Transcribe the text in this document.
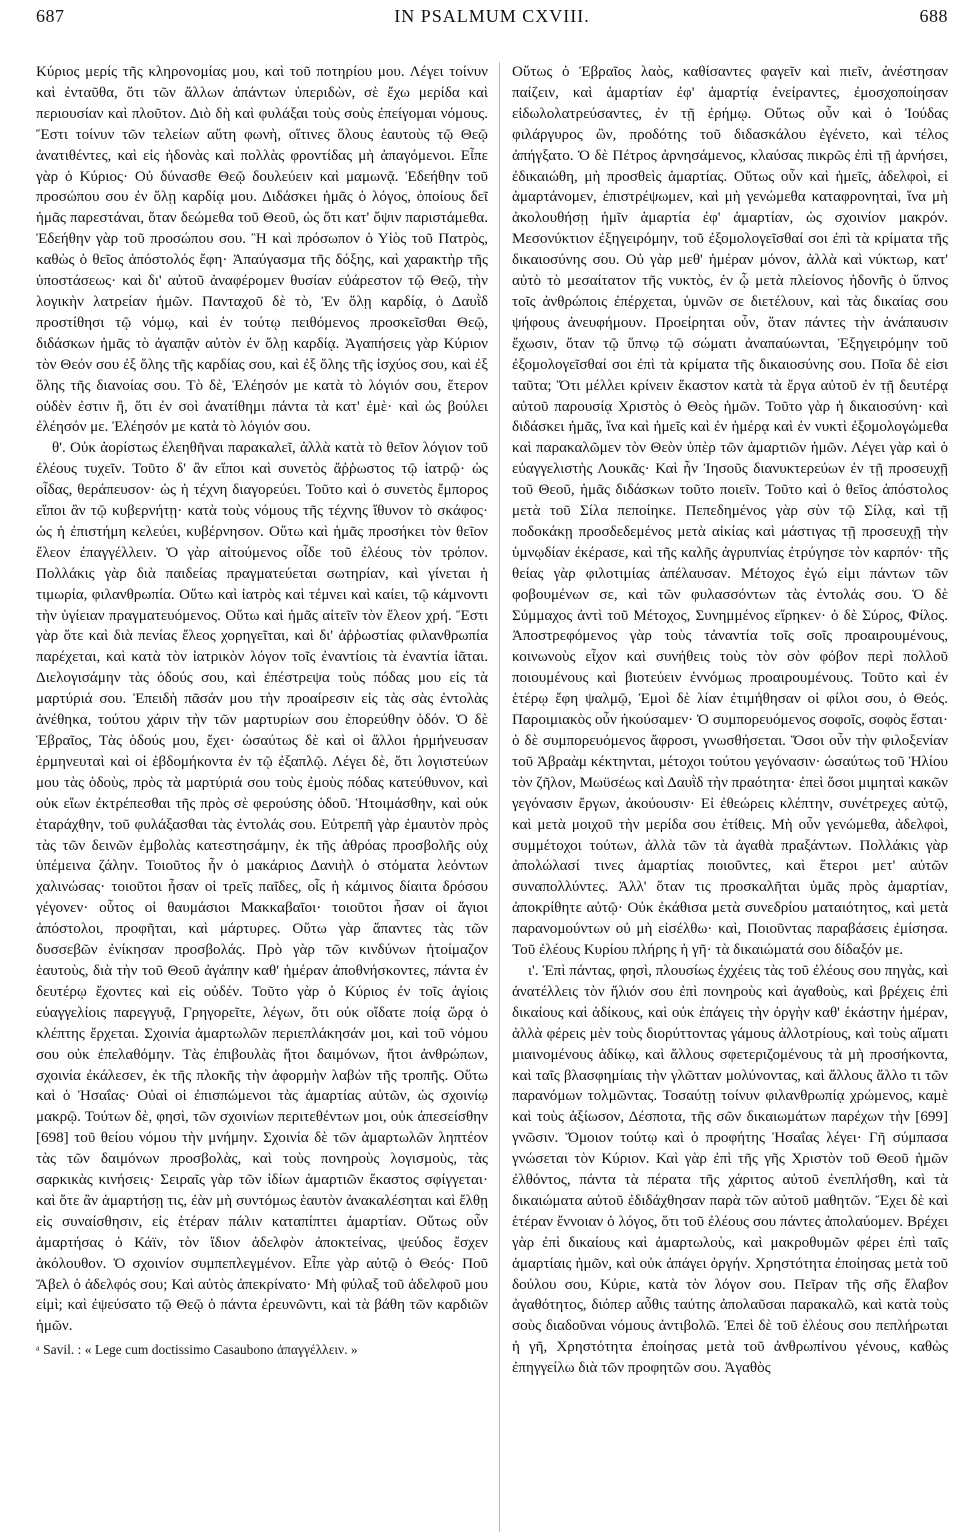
687	IN PSALMUM CXVIII.	688

Κύριος μερίς τῆς κληρονομίας μου, καὶ τοῦ ποτηρίου μου. Λέγει τοίνυν καὶ ἐνταῦθα, ὅτι τῶν ἄλλων ἁπάντων ὑπεριδὼν, σὲ ἔχω μερίδα καὶ περιουσίαν καὶ πλοῦτον. Διὸ δὴ καὶ φυλάξαι τοὺς σοὺς ἐπείγομαι νόμους. Ἔστι τοίνυν τῶν τελείων αὕτη φωνὴ, οἵτινες ὅλους ἑαυτοὺς τῷ Θεῷ ἀνατιθέντες, καὶ εἰς ἡδονὰς καὶ πολλὰς φροντίδας μὴ ἀπαγόμενοι. Εἶπε γὰρ ὁ Κύριος· Οὐ δύνασθε Θεῷ δουλεύειν καὶ μαμωνᾷ. Ἐδεήθην τοῦ προσώπου σου ἐν ὅλῃ καρδίᾳ μου. Διδάσκει ἡμᾶς ὁ λόγος, ὁποίους δεῖ ἡμᾶς παρεστάναι, ὅταν δεώμεθα τοῦ Θεοῦ, ὡς ὅτι κατ' ὄψιν παριστάμεθα. Ἐδεήθην γὰρ τοῦ προσώπου σου. Ἢ καὶ πρόσωπον ὁ Υἱὸς τοῦ Πατρὸς, καθὼς ὁ θεῖος ἀπόστολός ἔφη· Ἀπαύγασμα τῆς δόξης, καὶ χαρακτὴρ τῆς ὑποστάσεως· καὶ δι' αὐτοῦ ἀναφέρομεν θυσίαν εὐάρεστον τῷ Θεῷ, τὴν λογικὴν λατρείαν ἡμῶν. Πανταχοῦ δὲ τὸ, Ἐν ὅλῃ καρδίᾳ, ὁ Δαυῒδ προστίθησι τῷ νόμῳ, καὶ ἐν τούτῳ πειθόμενος προσκεῖσθαι Θεῷ, διδάσκων ἡμᾶς τὸ ἀγαπᾷν αὐτὸν ἐν ὅλῃ καρδίᾳ. Ἀγαπήσεις γὰρ Κύριον τὸν Θεόν σου ἐξ ὅλης τῆς καρδίας σου, καὶ ἐξ ὅλης τῆς ἰσχύος σου, καὶ ἐξ ὅλης τῆς διανοίας σου. Τὸ δὲ, Ἐλέησόν με κατὰ τὸ λόγιόν σου, ἕτερον οὐδὲν ἐστιν ἢ, ὅτι ἐν σοὶ ἀνατίθημι πάντα τὰ κατ' ἐμὲ· καὶ ὡς βούλει ἐλέησόν με. Ἐλέησόν με κατὰ τὸ λόγιόν σου.

θ'. Οὐκ ἀορίστως ἐλεηθῆναι παρακαλεῖ, ἀλλὰ κατὰ τὸ θεῖον λόγιον τοῦ ἐλέους τυχεῖν. Τοῦτο δ' ἂν εἴποι καὶ συνετὸς ἄῤῥωστος τῷ ἰατρῷ· ὡς οἶδας, θεράπευσον· ὡς ἡ τέχνη διαγορεύει. Τοῦτο καὶ ὁ συνετὸς ἔμπορος εἴποι ἂν τῷ κυβερνήτῃ· κατὰ τοὺς νόμους τῆς τέχνης ἴθυνον τὸ σκάφος· ὡς ἡ ἐπιστήμη κελεύει, κυβέρνησον. Οὕτω καὶ ἡμᾶς προσήκει τὸν θεῖον ἔλεον ἐπαγγέλλειν. Ὁ γὰρ αἰτούμενος οἶδε τοῦ ἐλέους τὸν τρόπον. Πολλάκις γὰρ διὰ παιδείας πραγματεύεται σωτηρίαν, καὶ γίνεται ἡ τιμωρία, φιλανθρωπία. Οὕτω καὶ ἰατρὸς καὶ τέμνει καὶ καίει, τῷ κάμνοντι τὴν ὑγίειαν πραγματευόμενος. Οὕτω καὶ ἡμᾶς αἰτεῖν τὸν ἔλεον χρή. Ἔστι γὰρ ὅτε καὶ διὰ πενίας ἔλεος χορηγεῖται, καὶ δι' ἀῤῥωστίας φιλανθρωπία παρέχεται, καὶ κατὰ τὸν ἰατρικὸν λόγον τοῖς ἐναντίοις τὰ ἐναντία ἰᾶται. Διελογισάμην τὰς ὁδούς σου, καὶ ἐπέστρεψα τοὺς πόδας μου εἰς τὰ μαρτύριά σου. Ἐπειδὴ πᾶσάν μου τὴν προαίρεσιν εἰς τὰς σὰς ἐντολὰς ἀνέθηκα, τούτου χάριν τὴν τῶν μαρτυρίων σου ἐπορεύθην ὁδόν. Ὁ δὲ Ἑβραῖος, Τὰς ὁδούς μου, ἔχει· ὡσαύτως δὲ καὶ οἱ ἄλλοι ἡρμήνευσαν ἑρμηνευταὶ καὶ οἱ ἑβδομήκοντα ἐν τῷ ἐξαπλῷ. Λέγει δὲ, ὅτι λογιστεύων μου τὰς ὁδοὺς, πρὸς τὰ μαρτύριά σου τοὺς ἐμοὺς πόδας κατεύθυνον, καὶ οὐκ εἴων ἐκτρέπεσθαι τῆς πρὸς σὲ φερούσης ὁδοῦ. Ἡτοιμάσθην, καὶ οὐκ ἐταράχθην, τοῦ φυλάξασθαι τὰς ἐντολάς σου. Εὐτρεπῆ γὰρ ἐμαυτὸν πρὸς τὰς τῶν δεινῶν ἐμβολὰς κατεστησάμην, ἐκ τῆς ἀθρόας προσβολῆς οὐχ ὑπέμεινα ζάλην. Τοιοῦτος ἦν ὁ μακάριος Δανιὴλ ὁ στόματα λεόντων χαλινώσας· τοιοῦτοι ἦσαν οἱ τρεῖς παῖδες, οἷς ἡ κάμινος δίαιτα δρόσου γέγονεν· οὗτος οἱ θαυμάσιοι Μακκαβαῖοι· τοιοῦτοι ἦσαν οἱ ἅγιοι ἀπόστολοι, προφῆται, καὶ μάρτυρες. Οὕτω γὰρ ἅπαντες τὰς τῶν δυσσεβῶν ἐνίκησαν προσβολάς. Πρὸ γὰρ τῶν κινδύνων ἡτοίμαζον ἑαυτοὺς, διὰ τὴν τοῦ Θεοῦ ἀγάπην καθ' ἡμέραν ἀποθνήσκοντες, πάντα ἐν δευτέρῳ ἔχοντες καὶ εἰς οὐδέν. Τοῦτο γὰρ ὁ Κύριος ἐν τοῖς ἁγίοις εὐαγγελίοις παρεγγυᾷ, Γρηγορεῖτε, λέγων, ὅτι οὐκ οἴδατε ποίᾳ ὥρᾳ ὁ κλέπτης ἔρχεται. Σχοινία ἁμαρτωλῶν περιεπλάκησάν μοι, καὶ τοῦ νόμου σου οὐκ ἐπελαθόμην. Τὰς ἐπιβουλὰς ἤτοι δαιμόνων, ἤτοι ἀνθρώπων, σχοινία ἐκάλεσεν, ἐκ τῆς πλοκῆς τὴν ἀφορμὴν λαβὼν τῆς τροπῆς. Οὕτω καὶ ὁ Ἠσαΐας· Οὐαὶ οἱ ἐπισπώμενοι τὰς ἁμαρτίας αὐτῶν, ὡς σχοινίῳ μακρῷ. Τούτων δὲ, φησὶ, τῶν σχοινίων περιτεθέντων μοι, οὐκ ἀπεσείσθην [698] τοῦ θείου νόμου τὴν μνήμην. Σχοινία δὲ τῶν ἁμαρτωλῶν ληπτέον τὰς τῶν δαιμόνων προσβολὰς, καὶ τοὺς πονηροὺς λογισμοὺς, τὰς σαρκικὰς κινήσεις· Σειραῖς γὰρ τῶν ἰδίων ἁμαρτιῶν ἕκαστος σφίγγεται· καὶ ὅτε ἂν ἁμαρτήσῃ τις, ἐὰν μὴ συντόμως ἑαυτὸν ἀνακαλέσηται καὶ ἔλθῃ εἰς συναίσθησιν, εἰς ἑτέραν πάλιν καταπίπτει ἁμαρτίαν. Οὕτως οὖν ἁμαρτήσας ὁ Κάϊν, τὸν ἴδιον ἀδελφὸν ἀποκτείνας, ψεύδος ἔσχεν ἀκόλουθον. Ὁ σχοινίον συμπεπλεγμένον. Εἶπε γὰρ αὐτῷ ὁ Θεός· Ποῦ Ἄβελ ὁ ἀδελφός σου; Καὶ αὐτὸς ἀπεκρίνατο· Μὴ φύλαξ τοῦ ἀδελφοῦ μου εἰμὶ; καὶ ἐψεύσατο τῷ Θεῷ ὁ πάντα ἐρευνῶντι, καὶ τὰ βάθη τῶν καρδιῶν ἡμῶν.

ᵃ Savil. : « Lege cum doctissimo Casaubono ἀπαγγέλλειν. »

Οὕτως ὁ Ἑβραῖος λαὸς, καθίσαντες φαγεῖν καὶ πιεῖν, ἀνέστησαν παίζειν, καὶ ἁμαρτίαν ἐφ' ἁμαρτίᾳ ἐνείραντες, ἐμοσχοποίησαν εἰδωλολατρεύσαντες, ἐν τῇ ἐρήμῳ. Οὕτως οὖν καὶ ὁ Ἰούδας φιλάργυρος ὢν, προδότης τοῦ διδασκάλου ἐγένετο, καὶ τέλος ἀπήγξατο. Ὁ δὲ Πέτρος ἀρνησάμενος, κλαύσας πικρῶς ἐπὶ τῇ ἀρνήσει, ἐδικαιώθη, μὴ προσθεὶς ἁμαρτίας. Οὕτως οὖν καὶ ἡμεῖς, ἀδελφοὶ, εἰ ἁμαρτάνομεν, ἐπιστρέψωμεν, καὶ μὴ γενώμεθα καταφρονηταὶ, ἵνα μὴ ἀκολουθήσῃ ἡμῖν ἁμαρτία ἐφ' ἁμαρτίαν, ὡς σχοινίον μακρόν. Μεσονύκτιον ἐξηγειρόμην, τοῦ ἐξομολογεῖσθαί σοι ἐπὶ τὰ κρίματα τῆς δικαιοσύνης σου. Οὐ γὰρ μεθ' ἡμέραν μόνον, ἀλλὰ καὶ νύκτωρ, κατ' αὐτὸ τὸ μεσαίτατον τῆς νυκτὸς, ἐν ᾧ μετὰ πλείονος ἡδονῆς ὁ ὕπνος τοῖς ἀνθρώποις ἐπέρχεται, ὑμνῶν σε διετέλουν, καὶ τὰς δικαίας σου ψήφους ἀνευφήμουν. Προείρηται οὖν, ὅταν πάντες τὴν ἀνάπαυσιν ἔχωσιν, ὅταν τῷ ὕπνῳ τῷ σώματι ἀναπαύωνται, Ἐξηγειρόμην τοῦ ἐξομολογεῖσθαί σοι ἐπὶ τὰ κρίματα τῆς δικαιοσύνης σου. Ποῖα δὲ εἰσι ταῦτα; Ὅτι μέλλει κρίνειν ἕκαστον κατὰ τὰ ἔργα αὐτοῦ ἐν τῇ δευτέρᾳ αὐτοῦ παρουσίᾳ Χριστὸς ὁ Θεὸς ἡμῶν. Τοῦτο γὰρ ἡ δικαιοσύνη· καὶ διδάσκει ἡμᾶς, ἵνα καὶ ἡμεῖς καὶ ἐν ἡμέρᾳ καὶ ἐν νυκτὶ ἐξομολογώμεθα καὶ παρακαλῶμεν τὸν Θεὸν ὑπὲρ τῶν ἁμαρτιῶν ἡμῶν. Λέγει γὰρ καὶ ὁ εὐαγγελιστὴς Λουκᾶς· Καὶ ἦν Ἰησοῦς διανυκτερεύων ἐν τῇ προσευχῇ τοῦ Θεοῦ, ἡμᾶς διδάσκων τοῦτο ποιεῖν. Τοῦτο καὶ ὁ θεῖος ἀπόστολος μετὰ τοῦ Σίλα πεποίηκε. Πεπεδημένος γὰρ σὺν τῷ Σίλᾳ, καὶ τῇ ποδοκάκῃ προσδεδεμένος μετὰ αἰκίας καὶ μάστιγας τῇ προσευχῇ τὴν ὑμνῳδίαν ἐκέρασε, καὶ τῆς καλῆς ἀγρυπνίας ἐτρύγησε τὸν καρπόν· τῆς θείας γὰρ φιλοτιμίας ἀπέλαυσαν. Μέτοχος ἐγώ εἰμι πάντων τῶν φοβουμένων σε, καὶ τῶν φυλασσόντων τὰς ἐντολάς σου. Ὁ δὲ Σύμμαχος ἀντὶ τοῦ Μέτοχος, Συνημμένος εἴρηκεν· ὁ δὲ Σύρος, Φίλος. Ἀποστρεφόμενος γὰρ τοὺς τἀναντία τοῖς σοῖς προαιρουμένους, κοινωνοὺς εἶχον καὶ συνήθεις τοὺς τὸν σὸν φόβον περὶ πολλοῦ ποιουμένους καὶ βιοτεύειν ἐννόμως προαιρουμένους. Τοῦτο καὶ ἐν ἑτέρῳ ἔφη ψαλμῷ, Ἐμοὶ δὲ λίαν ἐτιμήθησαν οἱ φίλοι σου, ὁ Θεός. Παροιμιακὸς οὖν ἠκούσαμεν· Ὁ συμπορευόμενος σοφοῖς, σοφὸς ἔσται· ὁ δὲ συμπορευόμενος ἄφροσι, γνωσθήσεται. Ὅσοι οὖν τὴν φιλοξενίαν τοῦ Ἀβραὰμ κέκτηνται, μέτοχοι τούτου γεγόνασιν· ὡσαύτως τοῦ Ἠλίου τὸν ζῆλον, Μωϋσέως καὶ Δαυῒδ τὴν πραότητα· ἐπεὶ ὅσοι μιμηταὶ κακῶν γεγόνασιν ἔργων, ἀκούουσιν· Εἰ ἐθεώρεις κλέπτην, συνέτρεχες αὐτῷ, καὶ μετὰ μοιχοῦ τὴν μερίδα σου ἐτίθεις. Μὴ οὖν γενώμεθα, ἀδελφοὶ, συμμέτοχοι τούτων, ἀλλὰ τῶν τὰ ἀγαθὰ πραξάντων. Πολλάκις γὰρ ἀπολώλασί τινες ἁμαρτίας ποιοῦντες, καὶ ἕτεροι μετ' αὐτῶν συναπολλύντες. Ἀλλ' ὅταν τις προσκαλῆται ὑμᾶς πρὸς ἁμαρτίαν, ἀποκρίθητε αὐτῷ· Οὐκ ἐκάθισα μετὰ συνεδρίου ματαιότητος, καὶ μετὰ παρανομούντων οὐ μὴ εἰσέλθω· καὶ, Ποιοῦντας παραβάσεις ἐμίσησα. Τοῦ ἐλέους Κυρίου πλήρης ἡ γῆ· τὰ δικαιώματά σου δίδαξόν με.

ι'. Ἐπὶ πάντας, φησὶ, πλουσίως ἐχχέεις τὰς τοῦ ἐλέους σου πηγὰς, καὶ ἀνατέλλεις τὸν ἥλιόν σου ἐπὶ πονηροὺς καὶ ἀγαθοὺς, καὶ βρέχεις ἐπὶ δικαίους καὶ ἀδίκους, καὶ οὐκ ἐπάγεις τὴν ὀργὴν καθ' ἑκάστην ἡμέραν, ἀλλὰ φέρεις μὲν τοὺς διορύττοντας γάμους ἀλλοτρίους, καὶ τοὺς αἵματι μιαινομένους ἀδίκῳ, καὶ ἄλλους σφετεριζομένους τὰ μὴ προσήκοντα, καὶ ταῖς βλασφημίαις τὴν γλῶτταν μολύνοντας, καὶ ἄλλους ἄλλο τι τῶν παρανόμων τολμῶντας. Τοσαύτῃ τοίνυν φιλανθρωπίᾳ χρώμενος, καμὲ καὶ τοὺς ἀξίωσον, Δέσποτα, τῆς σῶν δικαιωμάτων παρέχων τὴν [699] γνῶσιν. Ὅμοιον τούτῳ καὶ ὁ προφήτης Ἠσαΐας λέγει· Γῆ σύμπασα γνώσεται τὸν Κύριον. Καὶ γὰρ ἐπὶ τῆς γῆς Χριστὸν τοῦ Θεοῦ ἡμῶν ἐλθόντος, πάντα τὰ πέρατα τῆς χάριτος αὐτοῦ ἐνεπλήσθη, καὶ τὰ δικαιώματα αὐτοῦ ἐδιδάχθησαν παρὰ τῶν αὐτοῦ μαθητῶν. Ἔχει δὲ καὶ ἑτέραν ἔννοιαν ὁ λόγος, ὅτι τοῦ ἐλέους σου πάντες ἀπολαύομεν. Βρέχει γὰρ ἐπὶ δικαίους καὶ ἁμαρτωλοὺς, καὶ μακροθυμῶν φέρει ἐπὶ ταῖς ἁμαρτίαις ἡμῶν, καὶ οὐκ ἀπάγει ὀργήν. Χρηστότητα ἐποίησας μετὰ τοῦ δούλου σου, Κύριε, κατὰ τὸν λόγον σου. Πεῖραν τῆς σῆς ἔλαβον ἀγαθότητος, διόπερ αὖθις ταύτης ἀπολαῦσαι παρακαλῶ, καὶ κατὰ τοὺς σοὺς διαδοῦναι νόμους ἀντιβολῶ. Ἐπεὶ δὲ τοῦ ἐλέους σου πεπλήρωται ἡ γῆ, Χρηστότητα ἐποίησας μετὰ τοῦ ἀνθρωπίνου γένους, καθὼς ἐπηγγείλω διὰ τῶν προφητῶν σου. Ἀγαθὸς
